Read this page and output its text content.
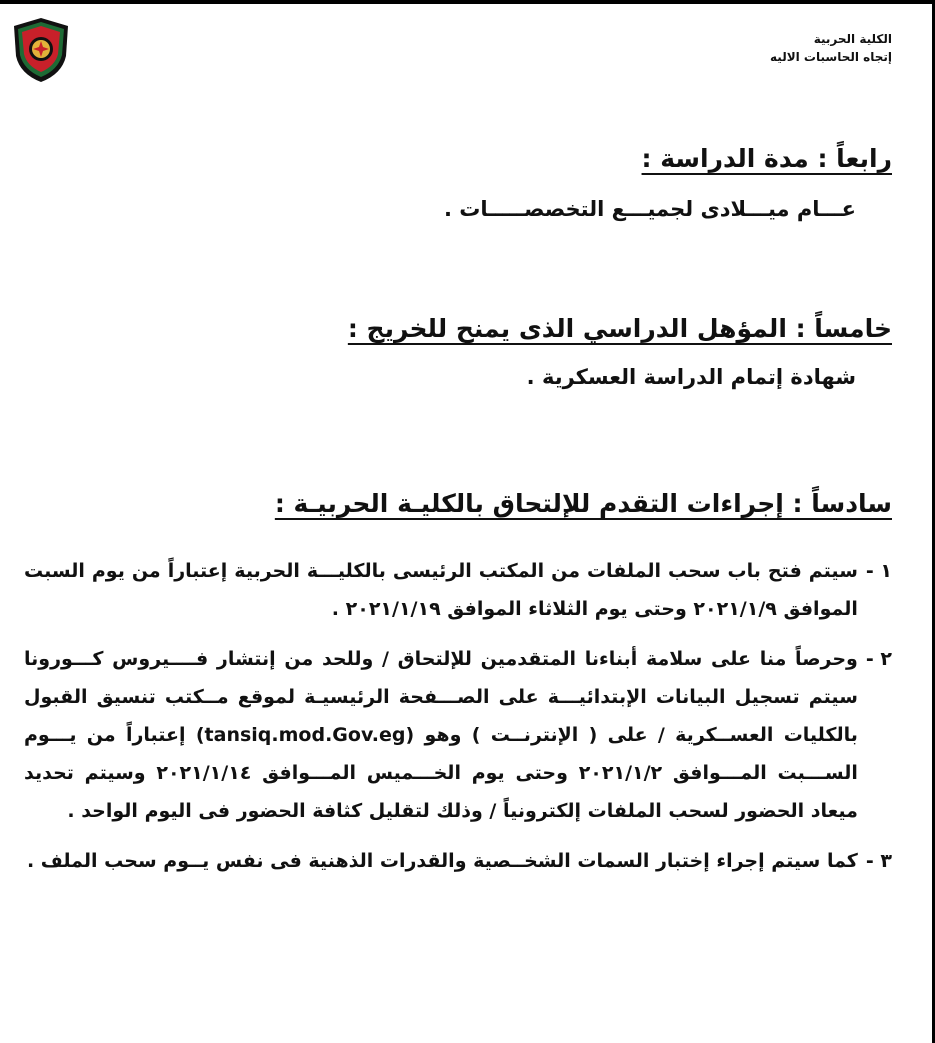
الكلية الحربية
إتجاه الحاسبات الاليه
رابعاً : مدة الدراسة :
عـــام ميـــلادى لجميـــع التخصصـــــات .
خامساً : المؤهل الدراسي الذى يمنح للخريج :
شهادة إتمام الدراسة العسكرية .
سادساً : إجراءات التقدم للإلتحاق بالكليـة الحربيـة :
١ -
سيتم فتح باب سحب الملفات من المكتب الرئيسى بالكليـــة الحربية إعتباراً من يوم السبت الموافق ٢٠٢١/١/٩ وحتى يوم الثلاثاء الموافق ٢٠٢١/١/١٩ .
٢ -
وحرصاً منا على سلامة أبناءنا المتقدمين للإلتحاق / وللحد من إنتشار فــــيروس كـــورونا سيتم تسجيل البيانات الإبتدائيـــة على الصـــفحة الرئيسيـة لموقع مــكتب تنسيق القبول بالكليات العســكرية / على ( الإنترنــت ) وهو (tansiq.mod.Gov.eg) إعتباراً من يـــوم الســـبت المـــوافق ٢٠٢١/١/٢ وحتى يوم الخـــميس المـــوافق ٢٠٢١/١/١٤ وسيتم تحديد ميعاد الحضور لسحب الملفات إلكترونياً / وذلك لتقليل كثافة الحضور فى اليوم الواحد .
٣ -
كما سيتم إجراء إختبار السمات الشخــصية والقدرات الذهنية فى نفس يــوم سحب الملف .
